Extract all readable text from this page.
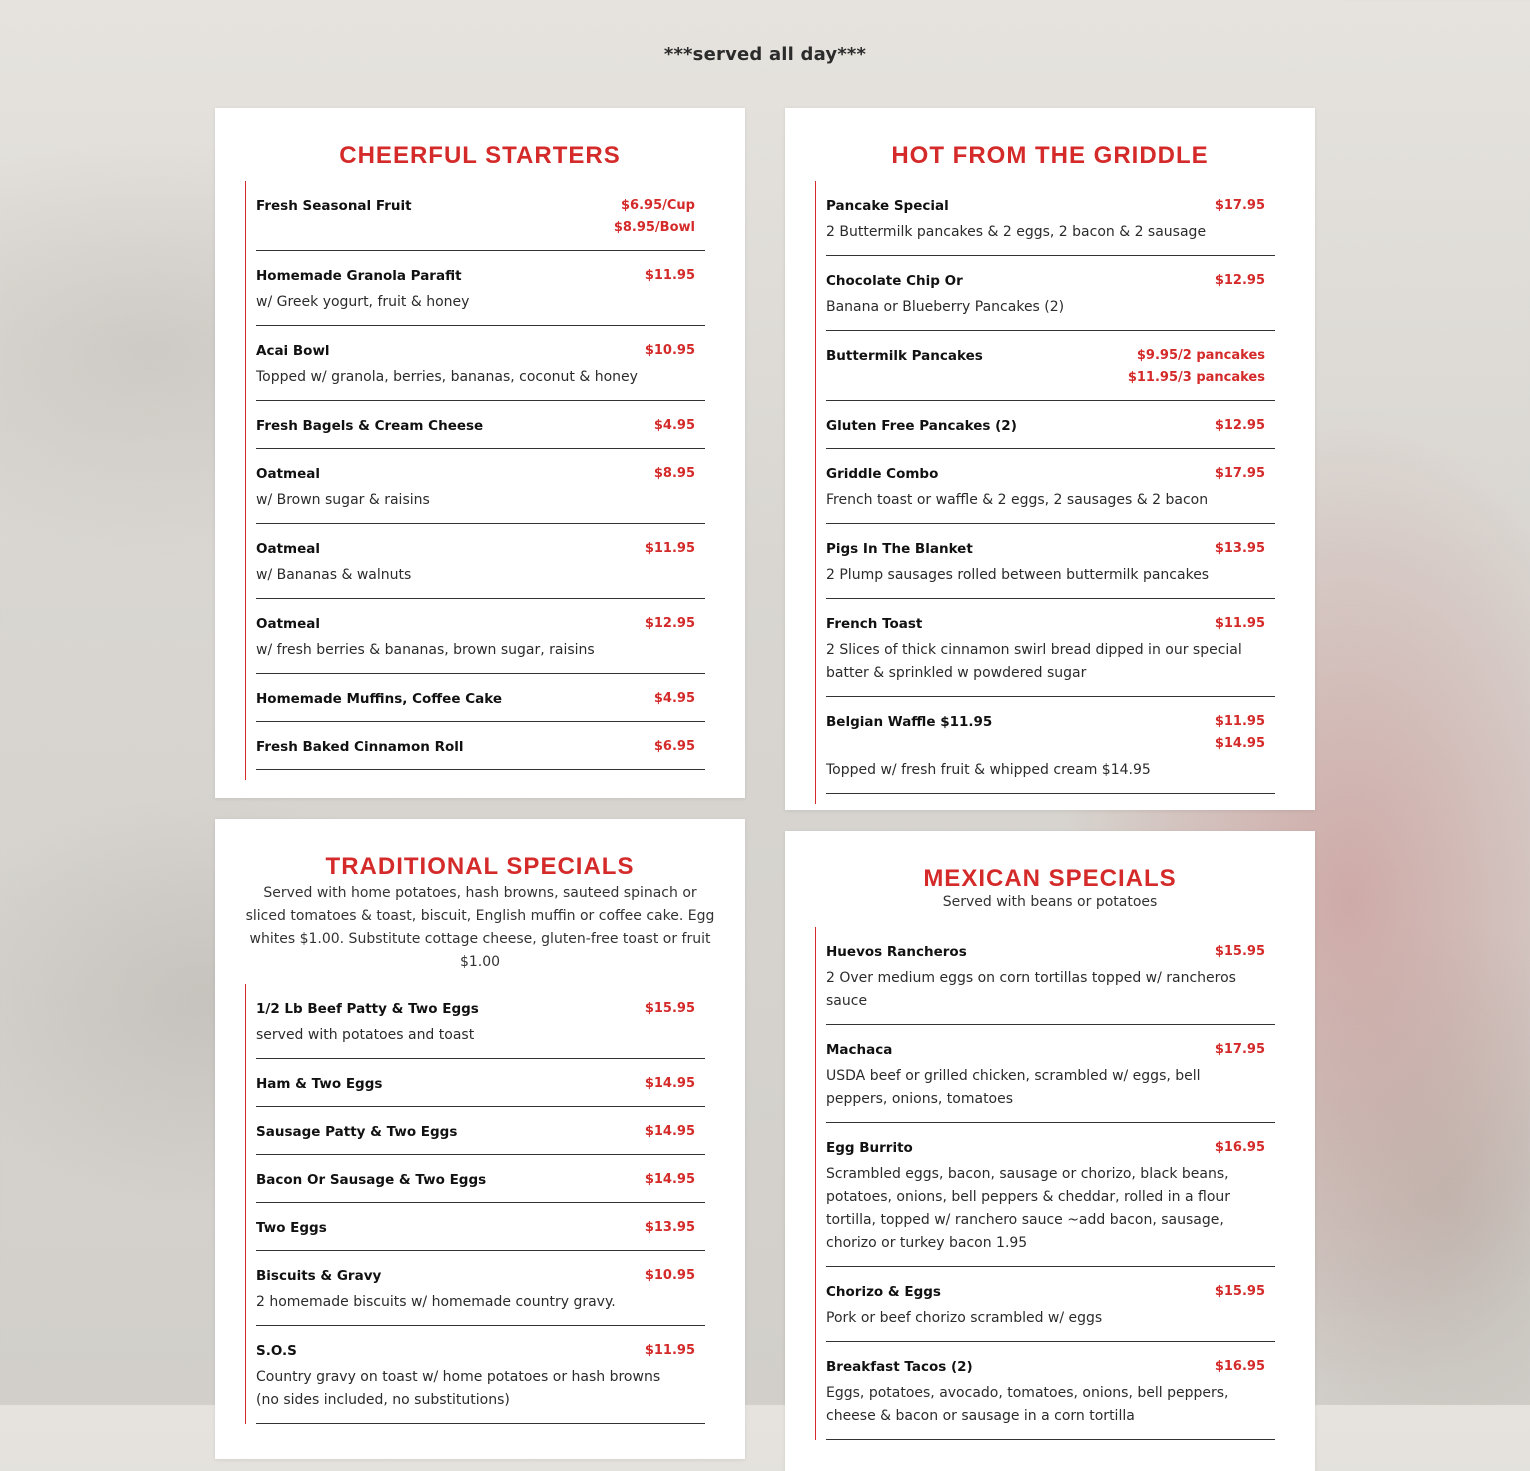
***served all day***
CHEERFUL STARTERS
Fresh Seasonal Fruit	$6.95/Cup
$8.95/Bowl
Homemade Granola Parafit	$11.95
w/ Greek yogurt, fruit & honey
Acai Bowl	$10.95
Topped w/ granola, berries, bananas, coconut & honey
Fresh Bagels & Cream Cheese	$4.95
Oatmeal	$8.95
w/ Brown sugar & raisins
Oatmeal	$11.95
w/ Bananas & walnuts
Oatmeal	$12.95
w/ fresh berries & bananas, brown sugar, raisins
Homemade Muffins, Coffee Cake	$4.95
Fresh Baked Cinnamon Roll	$6.95
HOT FROM THE GRIDDLE
Pancake Special	$17.95
2 Buttermilk pancakes & 2 eggs, 2 bacon & 2 sausage
Chocolate Chip Or	$12.95
Banana or Blueberry Pancakes (2)
Buttermilk Pancakes	$9.95/2 pancakes
$11.95/3 pancakes
Gluten Free Pancakes (2)	$12.95
Griddle Combo	$17.95
French toast or waffle & 2 eggs, 2 sausages & 2 bacon
Pigs In The Blanket	$13.95
2 Plump sausages rolled between buttermilk pancakes
French Toast	$11.95
2 Slices of thick cinnamon swirl bread dipped in our special batter & sprinkled w powdered sugar
Belgian Waffle $11.95	$11.95
$14.95
Topped w/ fresh fruit & whipped cream $14.95
TRADITIONAL SPECIALS
Served with home potatoes, hash browns, sauteed spinach or sliced tomatoes & toast, biscuit, English muffin or coffee cake. Egg whites $1.00. Substitute cottage cheese, gluten-free toast or fruit $1.00
1/2 Lb Beef Patty & Two Eggs	$15.95
served with potatoes and toast
Ham & Two Eggs	$14.95
Sausage Patty & Two Eggs	$14.95
Bacon Or Sausage & Two Eggs	$14.95
Two Eggs	$13.95
Biscuits & Gravy	$10.95
2 homemade biscuits w/ homemade country gravy.
S.O.S	$11.95
Country gravy on toast w/ home potatoes or hash browns (no sides included, no substitutions)
MEXICAN SPECIALS
Served with beans or potatoes
Huevos Rancheros	$15.95
2 Over medium eggs on corn tortillas topped w/ rancheros sauce
Machaca	$17.95
USDA beef or grilled chicken, scrambled w/ eggs, bell peppers, onions, tomatoes
Egg Burrito	$16.95
Scrambled eggs, bacon, sausage or chorizo, black beans, potatoes, onions, bell peppers & cheddar, rolled in a flour tortilla, topped w/ ranchero sauce ~add bacon, sausage, chorizo or turkey bacon 1.95
Chorizo & Eggs	$15.95
Pork or beef chorizo scrambled w/ eggs
Breakfast Tacos (2)	$16.95
Eggs, potatoes, avocado, tomatoes, onions, bell peppers, cheese & bacon or sausage in a corn tortilla
